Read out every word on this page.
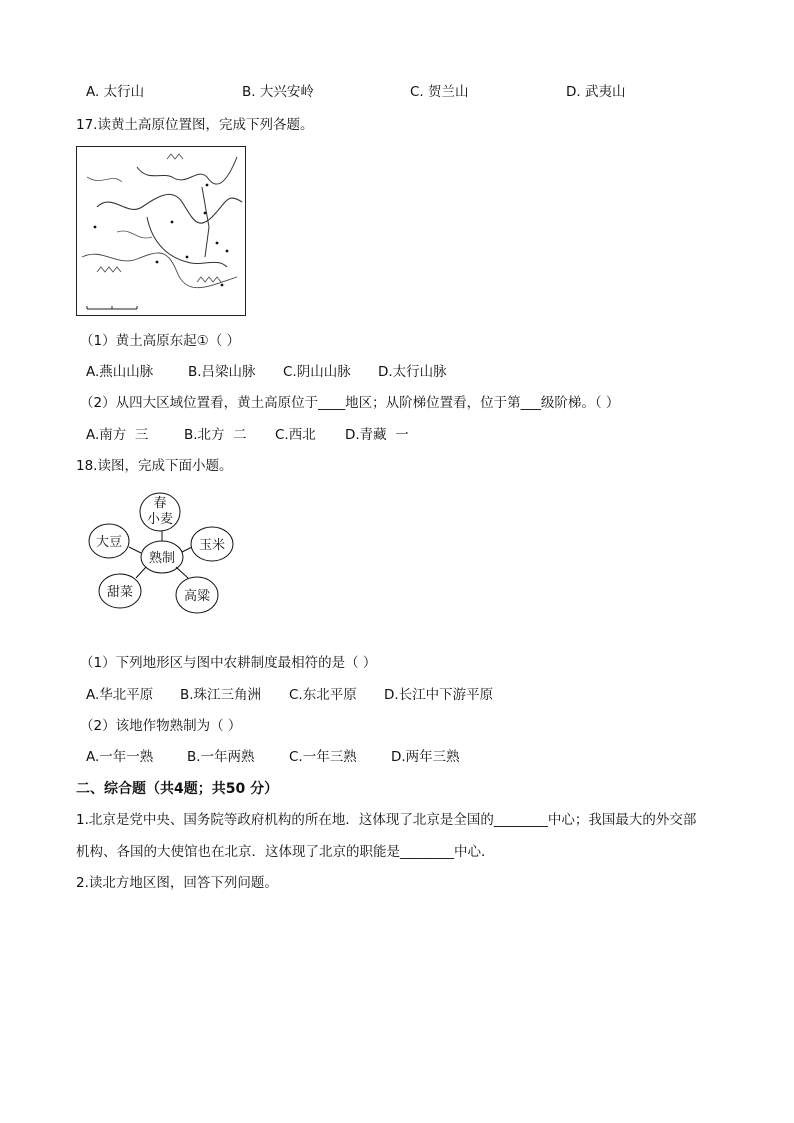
A. 太行山	B. 大兴安岭	C. 贺兰山	D. 武夷山
17.读黄土高原位置图，完成下列各题。
（1）黄土高原东起①（ ）
A.燕山山脉	B.吕梁山脉 C.阴山山脉 D.太行山脉
（2）从四大区域位置看，黄土高原位于____地区；从阶梯位置看，位于第___级阶梯。（ ）
A.南方  三	B.北方  二 C.西北 D.青藏  一
18.读图，完成下面小题。
熟制
春
小麦
玉米
高粱
甜菜
大豆
（1）下列地形区与图中农耕制度最相符的是（ ）
A.华北平原 B.珠江三角洲 C.东北平原 D.长江中下游平原
（2）该地作物熟制为（ ）
A.一年一熟 B.一年两熟	C.一年三熟	D.两年三熟
二、综合题（共4题；共50 分）
1.北京是党中央、国务院等政府机构的所在地．这体现了北京是全国的________中心；我国最大的外交部
机构、各国的大使馆也在北京．这体现了北京的职能是________中心．
2.读北方地区图，回答下列问题。
